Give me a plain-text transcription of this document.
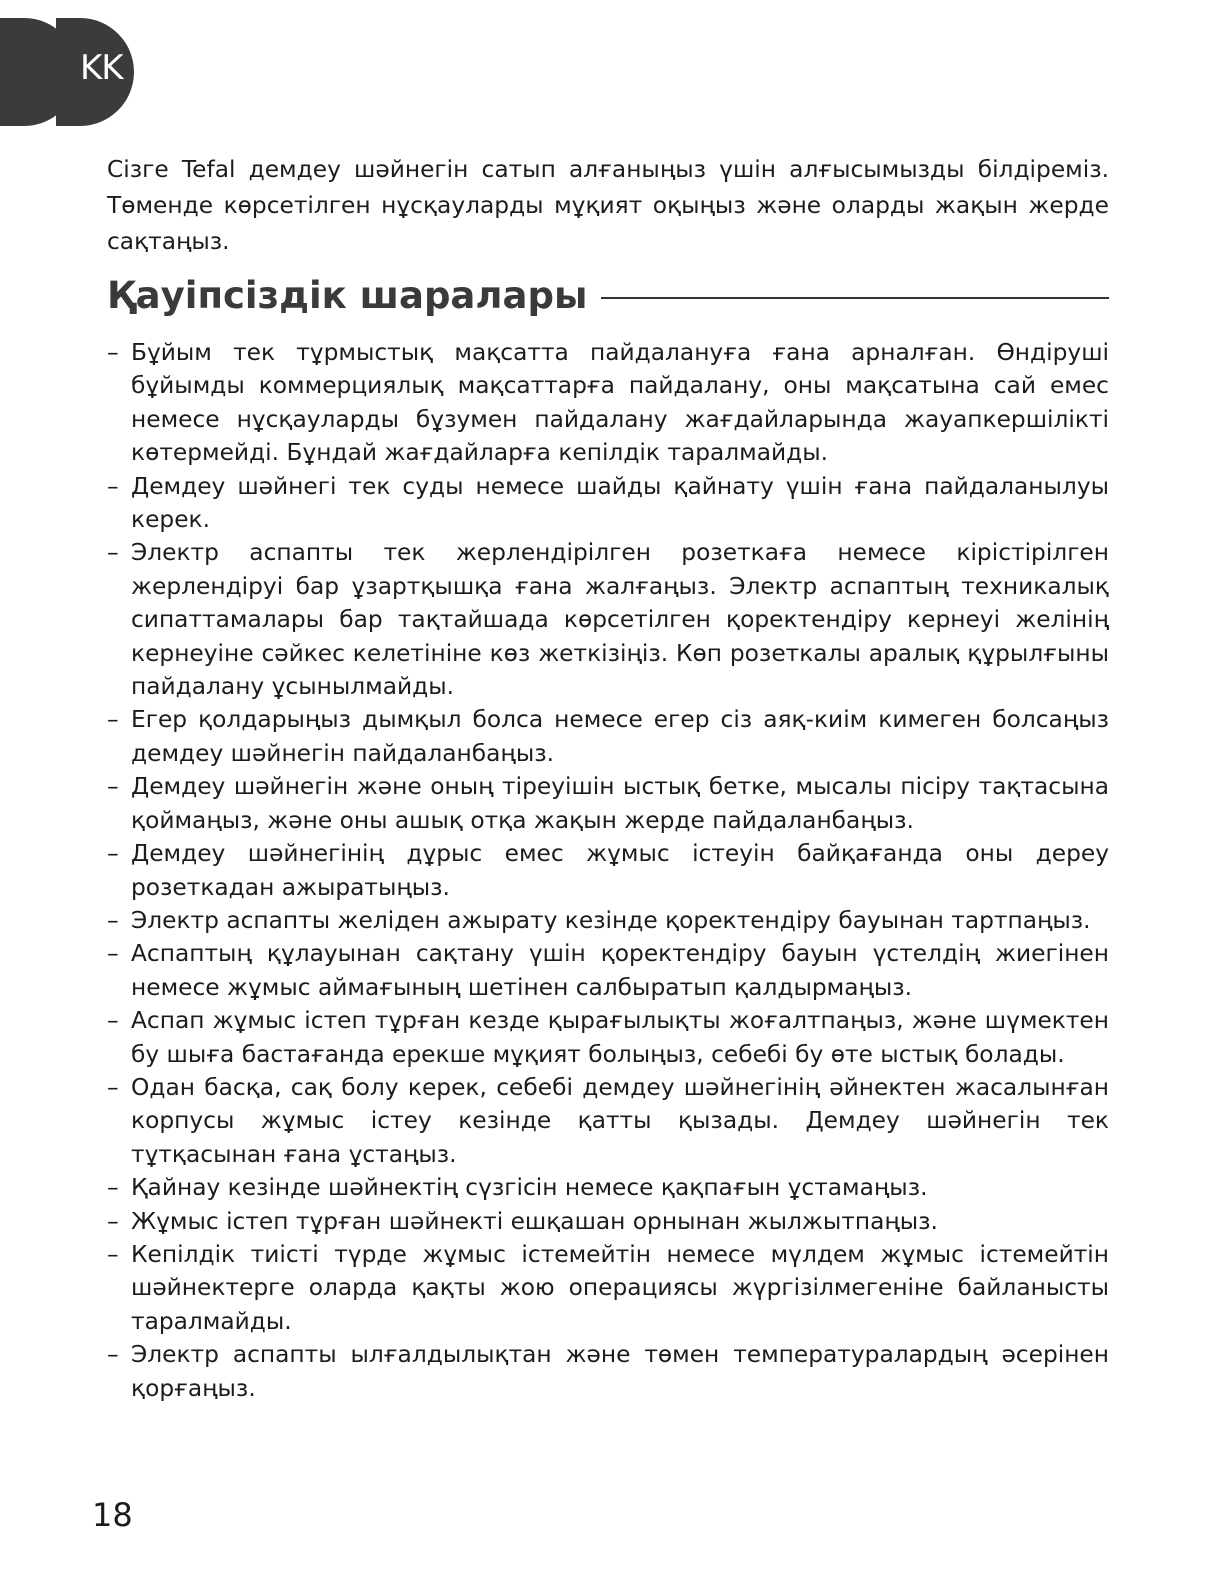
KK

Сізге Tefal демдеу шәйнегін сатып алғаныңыз үшін алғысымызды білдіреміз. Төменде көрсетілген нұсқауларды мұқият оқыңыз және оларды жақын жерде сақтаңыз.

Қауіпсіздік шаралары
– Бұйым тек тұрмыстық мақсатта пайдалануға ғана арналған. Өндіруші бұйымды коммерциялық мақсаттарға пайдалану, оны мақсатына сай емес немесе нұсқауларды бұзумен пайдалану жағдайларында жауапкершілікті көтермейді. Бұндай жағдайларға кепілдік таралмайды.
– Демдеу шәйнегі тек суды немесе шайды қайнату үшін ғана пайдаланылуы керек.
– Электр аспапты тек жерлендірілген розеткаға немесе кірістірілген жерлендіруі бар ұзартқышқа ғана жалғаңыз. Электр аспаптың техникалық сипаттамалары бар тақтайшада көрсетілген қоректендіру кернеуі желінің кернеуіне сәйкес келетініне көз жеткізіңіз. Көп розеткалы аралық құрылғыны пайдалану ұсынылмайды.
– Егер қолдарыңыз дымқыл болса немесе егер сіз аяқ-киім кимеген болсаңыз демдеу шәйнегін пайдаланбаңыз.
– Демдеу шәйнегін және оның тіреуішін ыстық бетке, мысалы пісіру тақтасына қоймаңыз, және оны ашық отқа жақын жерде пайдаланбаңыз.
– Демдеу шәйнегінің дұрыс емес жұмыс істеуін байқағанда оны дереу розеткадан ажыратыңыз.
– Электр аспапты желіден ажырату кезінде қоректендіру бауынан тартпаңыз.
– Аспаптың құлауынан сақтану үшін қоректендіру бауын үстелдің жиегінен немесе жұмыс аймағының шетінен салбыратып қалдырмаңыз.
– Аспап жұмыс істеп тұрған кезде қырағылықты жоғалтпаңыз, және шүмектен бу шыға бастағанда ерекше мұқият болыңыз, себебі бу өте ыстық болады.
– Одан басқа, сақ болу керек, себебі демдеу шәйнегінің әйнектен жасалынған корпусы жұмыс істеу кезінде қатты қызады. Демдеу шәйнегін тек тұтқасынан ғана ұстаңыз.
– Қайнау кезінде шәйнектің сүзгісін немесе қақпағын ұстамаңыз.
– Жұмыс істеп тұрған шәйнекті ешқашан орнынан жылжытпаңыз.
– Кепілдік тиісті түрде жұмыс істемейтін немесе мүлдем жұмыс істемейтін шәйнектерге оларда қақты жою операциясы жүргізілмегеніне байланысты таралмайды.
– Электр аспапты ылғалдылықтан және төмен температуралардың әсерінен қорғаңыз.
18
